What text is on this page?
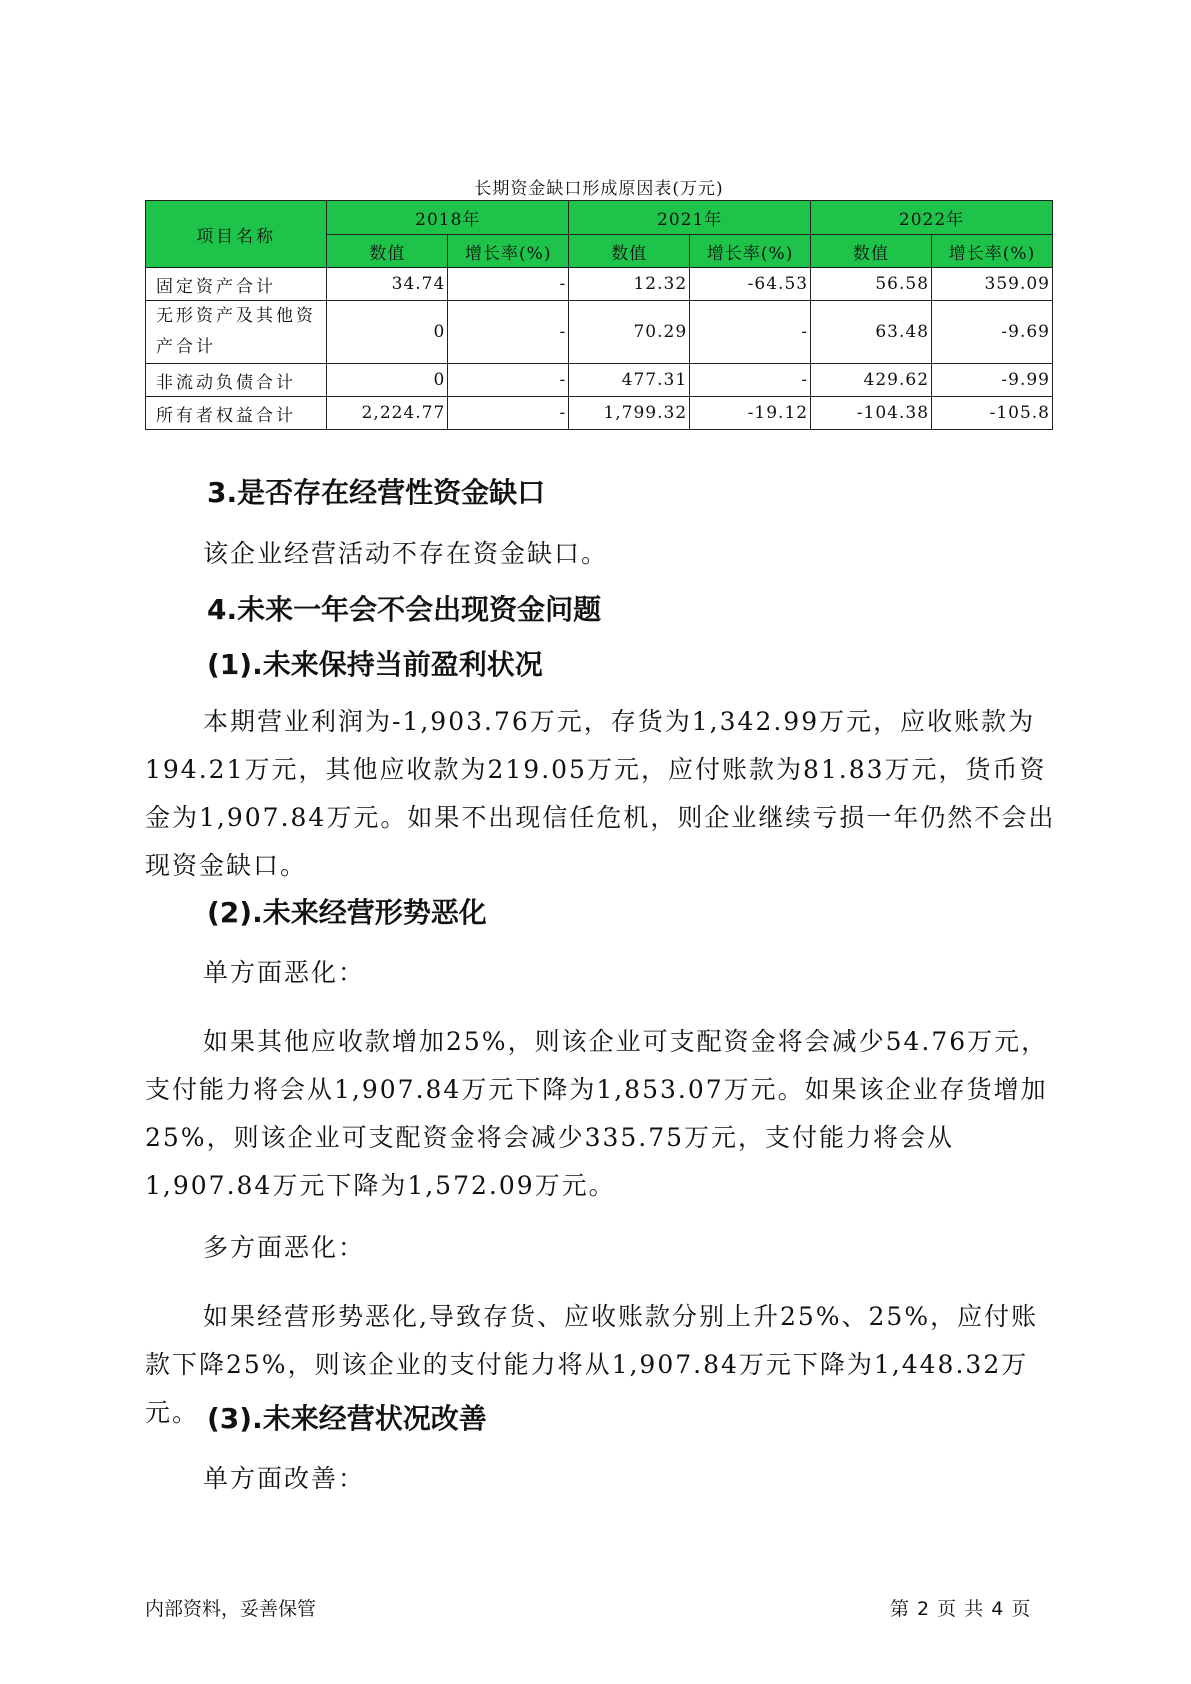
长期资金缺口形成原因表(万元)
项目名称	2018年		2021年		2022年	
	数值	增长率(%)	数值	增长率(%)	数值	增长率(%)
固定资产合计	34.74	-	12.32	-64.53	56.58	359.09
无形资产及其他资产合计	0	-	70.29	-	63.48	-9.69
非流动负债合计	0	-	477.31	-	429.62	-9.99
所有者权益合计	2,224.77	-	1,799.32	-19.12	-104.38	-105.8
3.是否存在经营性资金缺口

该企业经营活动不存在资金缺口。

4.未来一年会不会出现资金问题
(1).未来保持当前盈利状况

本期营业利润为-1,903.76万元，存货为1,342.99万元，应收账款为194.21万元，其他应收款为219.05万元，应付账款为81.83万元，货币资金为1,907.84万元。如果不出现信任危机，则企业继续亏损一年仍然不会出现资金缺口。

(2).未来经营形势恶化

单方面恶化：

如果其他应收款增加25%，则该企业可支配资金将会减少54.76万元，支付能力将会从1,907.84万元下降为1,853.07万元。如果该企业存货增加25%，则该企业可支配资金将会减少335.75万元，支付能力将会从1,907.84万元下降为1,572.09万元。

多方面恶化：

如果经营形势恶化,导致存货、应收账款分别上升25%、25%，应付账款下降25%，则该企业的支付能力将从1,907.84万元下降为1,448.32万元。 (3).未来经营状况改善

单方面改善：

内部资料，妥善保管	第 2 页 共 4 页
